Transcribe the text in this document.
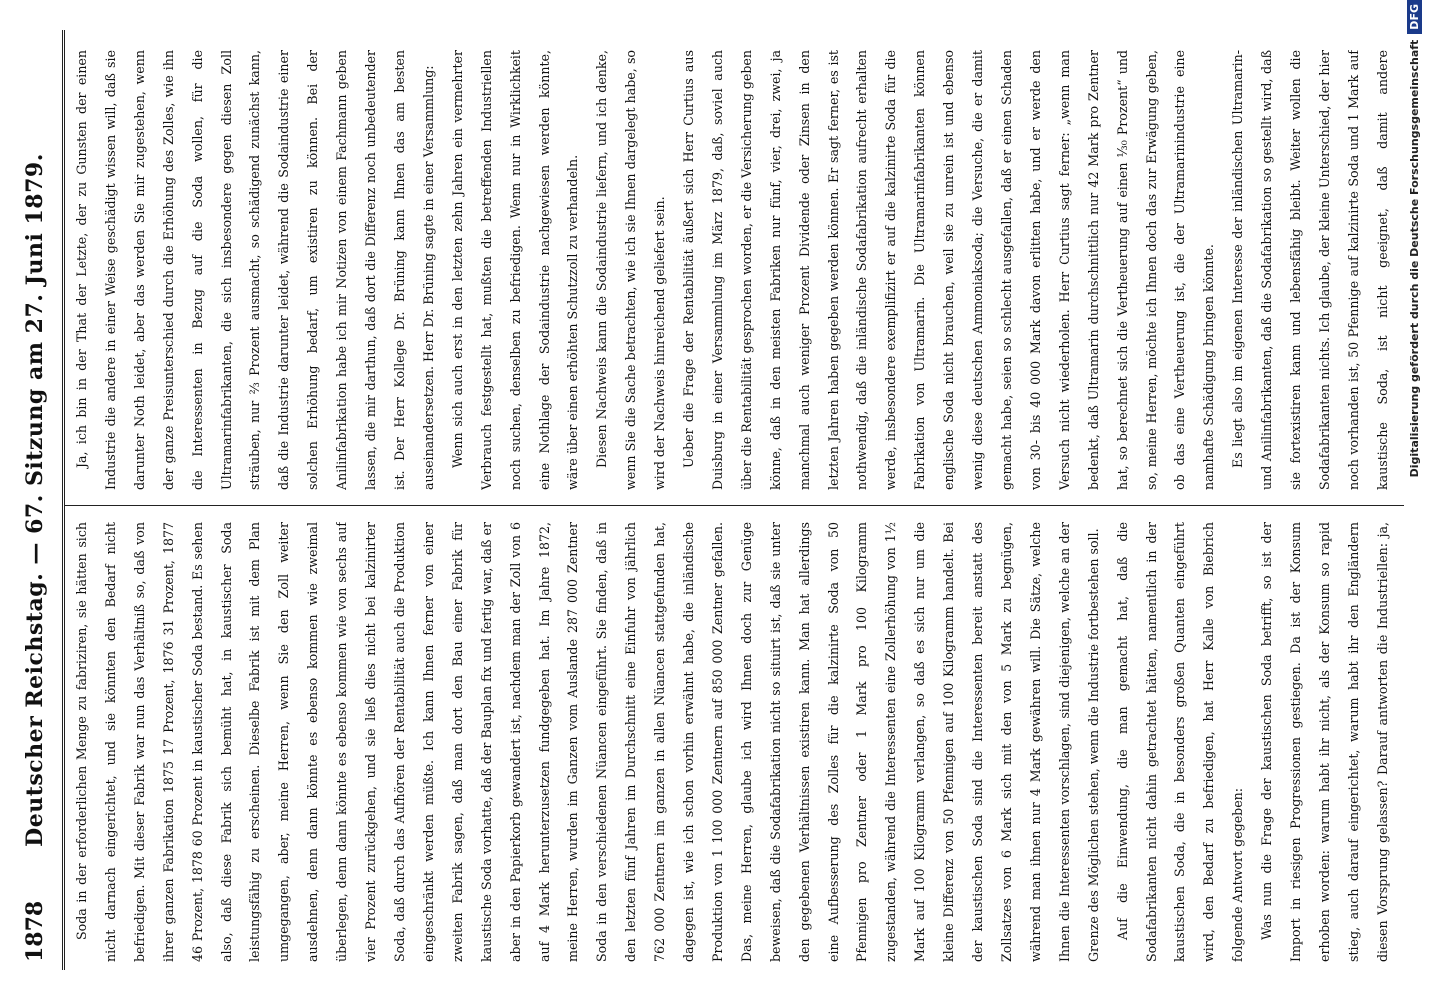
1878
Deutscher Reichstag. — 67. Sitzung am 27. Juni 1879.	Soda in der erforderlichen Menge zu fabriziren, sie hätten sich nicht darnach eingerichtet, und sie könnten den Bedarf nicht befriedigen. Mit dieser Fabrik war nun das Verhältniß so, daß von ihrer ganzen Fabrikation 1875 17 Prozent, 1876 31 Prozent, 1877 46 Prozent, 1878 60 Prozent in kaustischer Soda bestand. Es sehen also, daß diese Fabrik sich bemüht hat, in kaustischer Soda leistungsfähig zu erscheinen. Dieselbe Fabrik ist mit dem Plan umgegangen, aber, meine Herren, wenn Sie den Zoll weiter ausdehnen, denn dann könnte es ebenso kommen wie zweimal überlegen, denn dann könnte es ebenso kommen wie von sechs auf vier Prozent zurückgehen, und sie ließ dies nicht bei kalzinirter Soda, daß durch das Aufhören der Rentabilität auch die Produktion eingeschränkt werden müßte. Ich kann Ihnen ferner von einer zweiten Fabrik sagen, daß man dort den Bau einer Fabrik für kaustische Soda vorhatte, daß der Bauplan fix und fertig war, daß er aber in den Papierkorb gewandert ist, nachdem man der Zoll von 6 auf 4 Mark herunterzusetzen fundgegeben hat. Im Jahre 1872, meine Herren, wurden im Ganzen vom Auslande 287 000 Zentner Soda in den verschiedenen Nüancen eingeführt. Sie finden, daß in den letzten fünf Jahren im Durchschnitt eine Einfuhr von jährlich 762 000 Zentnern im ganzen in allen Nüancen stattgefunden hat, dagegen ist, wie ich schon vorhin erwähnt habe, die inländische Produktion von 1 100 000 Zentnern auf 850 000 Zentner gefallen. Das, meine Herren, glaube ich wird Ihnen doch zur Genüge beweisen, daß die Sodafabrikation nicht so situirt ist, daß sie unter den gegebenen Verhältnissen existiren kann. Man hat allerdings eine Aufbesserung des Zolles für die kalzinirte Soda von 50 Pfennigen pro Zentner oder 1 Mark pro 100 Kilogramm zugestanden, während die Interessenten eine Zollerhöhung von 1½ Mark auf 100 Kilogramm verlangen, so daß es sich nur um die kleine Differenz von 50 Pfennigen auf 100 Kilogramm handelt. Bei der kaustischen Soda sind die Interessenten bereit anstatt des Zollsatzes von 6 Mark sich mit den von 5 Mark zu begnügen, während man ihnen nur 4 Mark gewähren will. Die Sätze, welche Ihnen die Interessenten vorschlagen, sind diejenigen, welche an der Grenze des Möglichen stehen, wenn die Industrie fortbestehen soll.	Auf die Einwendung, die man gemacht hat, daß die Sodafabrikanten nicht dahin getrachtet hätten, namentlich in der kaustischen Soda, die in besonders großen Quanten eingeführt wird, den Bedarf zu befriedigen, hat Herr Kalle von Biebrich folgende Antwort gegeben:	Was nun die Frage der kaustischen Soda betrifft, so ist der Import in riesigen Progressionen gestiegen. Da ist der Konsum erhoben worden: warum habt ihr nicht, als der Konsum so rapid stieg, auch darauf eingerichtet, warum habt ihr den Engländern diesen Vorsprung gelassen? Darauf antworten die Industriellen: ja,

Ja, ich bin in der That der Letzte, der zu Gunsten der einen Industrie die andere in einer Weise geschädigt wissen will, daß sie darunter Noth leidet, aber das werden Sie mir zugestehen, wenn der ganze Preisunterschied durch die Erhöhung des Zolles, wie ihn die Interessenten in Bezug auf die Soda wollen, für die Ultramarinfabrikanten, die sich insbesondere gegen diesen Zoll sträuben, nur ⅔ Prozent ausmacht, so schädigend zunächst kann, daß die Industrie darunter leidet, während die Sodaindustrie einer solchen Erhöhung bedarf, um existiren zu können. Bei der Anilinfabrikation habe ich mir Notizen von einem Fachmann geben lassen, die mir darthun, daß dort die Differenz noch unbedeutender ist. Der Herr Kollege Dr. Brüning kann Ihnen das am besten auseinandersetzen. Herr Dr. Brüning sagte in einer Versammlung:	Wenn sich auch erst in den letzten zehn Jahren ein vermehrter Verbrauch festgestellt hat, mußten die betreffenden Industriellen noch suchen, denselben zu befriedigen. Wenn nur in Wirklichkeit eine Nothlage der Sodaindustrie nachgewiesen werden könnte, wäre über einen erhöhten Schutzzoll zu verhandeln.	Diesen Nachweis kann die Sodaindustrie liefern, und ich denke, wenn Sie die Sache betrachten, wie ich sie Ihnen dargelegt habe, so wird der Nachweis hinreichend geliefert sein.	Ueber die Frage der Rentabilität äußert sich Herr Curtius aus Duisburg in einer Versammlung im März 1879, daß, soviel auch über die Rentabilität gesprochen worden, er die Versicherung geben könne, daß in den meisten Fabriken nur fünf, vier, drei, zwei, ja manchmal auch weniger Prozent Dividende oder Zinsen in den letzten Jahren haben gegeben werden können. Er sagt ferner, es ist nothwendig, daß die inländische Sodafabrikation aufrecht erhalten werde, insbesondere exemplifizirt er auf die kalzinirte Soda für die Fabrikation von Ultramarin. Die Ultramarinfabrikanten können englische Soda nicht brauchen, weil sie zu unrein ist und ebenso wenig diese deutschen Ammoniaksoda; die Versuche, die er damit gemacht habe, seien so schlecht ausgefallen, daß er einen Schaden von 30- bis 40 000 Mark davon erlitten habe, und er werde den Versuch nicht wiederholen. Herr Curtius sagt ferner: „wenn man bedenkt, daß Ultramarin durchschnittlich nur 42 Mark pro Zentner hat, so berechnet sich die Vertheuerung auf einen ⅓₀ Prozent“ und so, meine Herren, möchte ich Ihnen doch das zur Erwägung geben, ob das eine Vertheuerung ist, die der Ultramarinindustrie eine namhafte Schädigung bringen könnte.	Es liegt also im eigenen Interesse der inländischen Ultramarin- und Anilinfabrikanten, daß die Sodafabrikation so gestellt wird, daß sie fortexistiren kann und lebensfähig bleibt. Weiter wollen die Sodafabrikanten nichts. Ich glaube, der kleine Unterschied, der hier noch vorhanden ist, 50 Pfennige auf kalzinirte Soda und 1 Mark auf kaustische Soda, ist nicht geeignet, daß damit andere	Digitalisierung gefördert durch die Deutsche Forschungsgemeinschaft
DFG
